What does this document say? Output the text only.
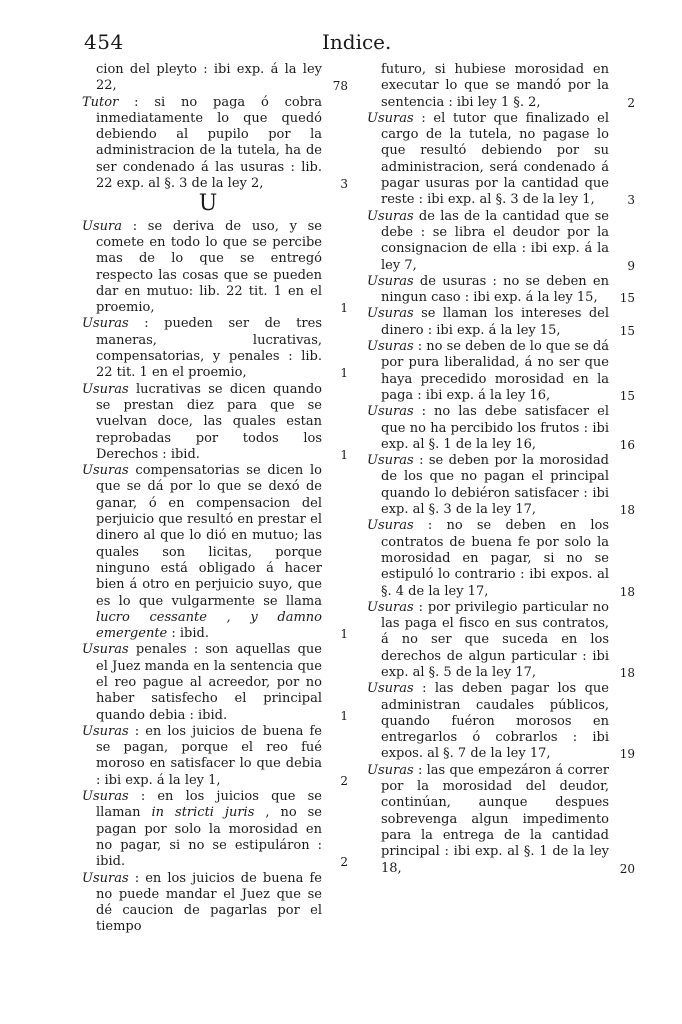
454	Indice.
cion del pleyto : ibi exp. á la ley 22,	78
Tutor : si no paga ó cobra inmediatamente lo que quedó debiendo al pupilo por la administracion de la tutela, ha de ser condenado á las usuras : lib. 22 exp. al §. 3 de la ley 2,	3
U
Usura : se deriva de uso, y se comete en todo lo que se percibe mas de lo que se entregó respecto las cosas que se pueden dar en mutuo: lib. 22 tit. 1 en el proemio,	1
Usuras : pueden ser de tres maneras, lucrativas, compensatorias, y penales : lib. 22 tit. 1 en el proemio,	1
Usuras lucrativas se dicen quando se prestan diez para que se vuelvan doce, las quales estan reprobadas por todos los Derechos : ibid.	1
Usuras compensatorias se dicen lo que se dá por lo que se dexó de ganar, ó en compensacion del perjuicio que resultó en prestar el dinero al que lo dió en mutuo; las quales son licitas, porque ninguno está obligado á hacer bien á otro en perjuicio suyo, que es lo que vulgarmente se llama lucro cessante , y damno emergente : ibid.	1
Usuras penales : son aquellas que el Juez manda en la sentencia que el reo pague al acreedor, por no haber satisfecho el principal quando debia : ibid.	1
Usuras : en los juicios de buena fe se pagan, porque el reo fué moroso en satisfacer lo que debia : ibi exp. á la ley 1,	2
Usuras : en los juicios que se llaman in stricti juris , no se pagan por solo la morosidad en no pagar, si no se estipuláron : ibid.	2
Usuras : en los juicios de buena fe no puede mandar el Juez que se dé caucion de pagarlas por el tiempo
futuro, si hubiese morosidad en executar lo que se mandó por la sentencia : ibi ley 1 §. 2,	2
Usuras : el tutor que finalizado el cargo de la tutela, no pagase lo que resultó debiendo por su administracion, será condenado á pagar usuras por la cantidad que reste : ibi exp. al §. 3 de la ley 1,	3
Usuras de las de la cantidad que se debe : se libra el deudor por la consignacion de ella : ibi exp. á la ley 7,	9
Usuras de usuras : no se deben en ningun caso : ibi exp. á la ley 15, 15
Usuras se llaman los intereses del dinero : ibi exp. á la ley 15,	15
Usuras : no se deben de lo que se dá por pura liberalidad, á no ser que haya precedido morosidad en la paga : ibi exp. á la ley 16,	15
Usuras : no las debe satisfacer el que no ha percibido los frutos : ibi exp. al §. 1 de la ley 16,	16
Usuras : se deben por la morosidad de los que no pagan el principal quando lo debiéron satisfacer : ibi exp. al §. 3 de la ley 17,	18
Usuras : no se deben en los contratos de buena fe por solo la morosidad en pagar, si no se estipuló lo contrario : ibi expos. al §. 4 de la ley 17,	18
Usuras : por privilegio particular no las paga el fisco en sus contratos, á no ser que suceda en los derechos de algun particular : ibi exp. al §. 5 de la ley 17,	18
Usuras : las deben pagar los que administran caudales públicos, quando fuéron morosos en entregarlos ó cobrarlos : ibi expos. al §. 7 de la ley 17,	19
Usuras : las que empezáron á correr por la morosidad del deudor, continúan, aunque despues sobrevenga algun impedimento para la entrega de la cantidad principal : ibi exp. al §. 1 de la ley 18,	20
